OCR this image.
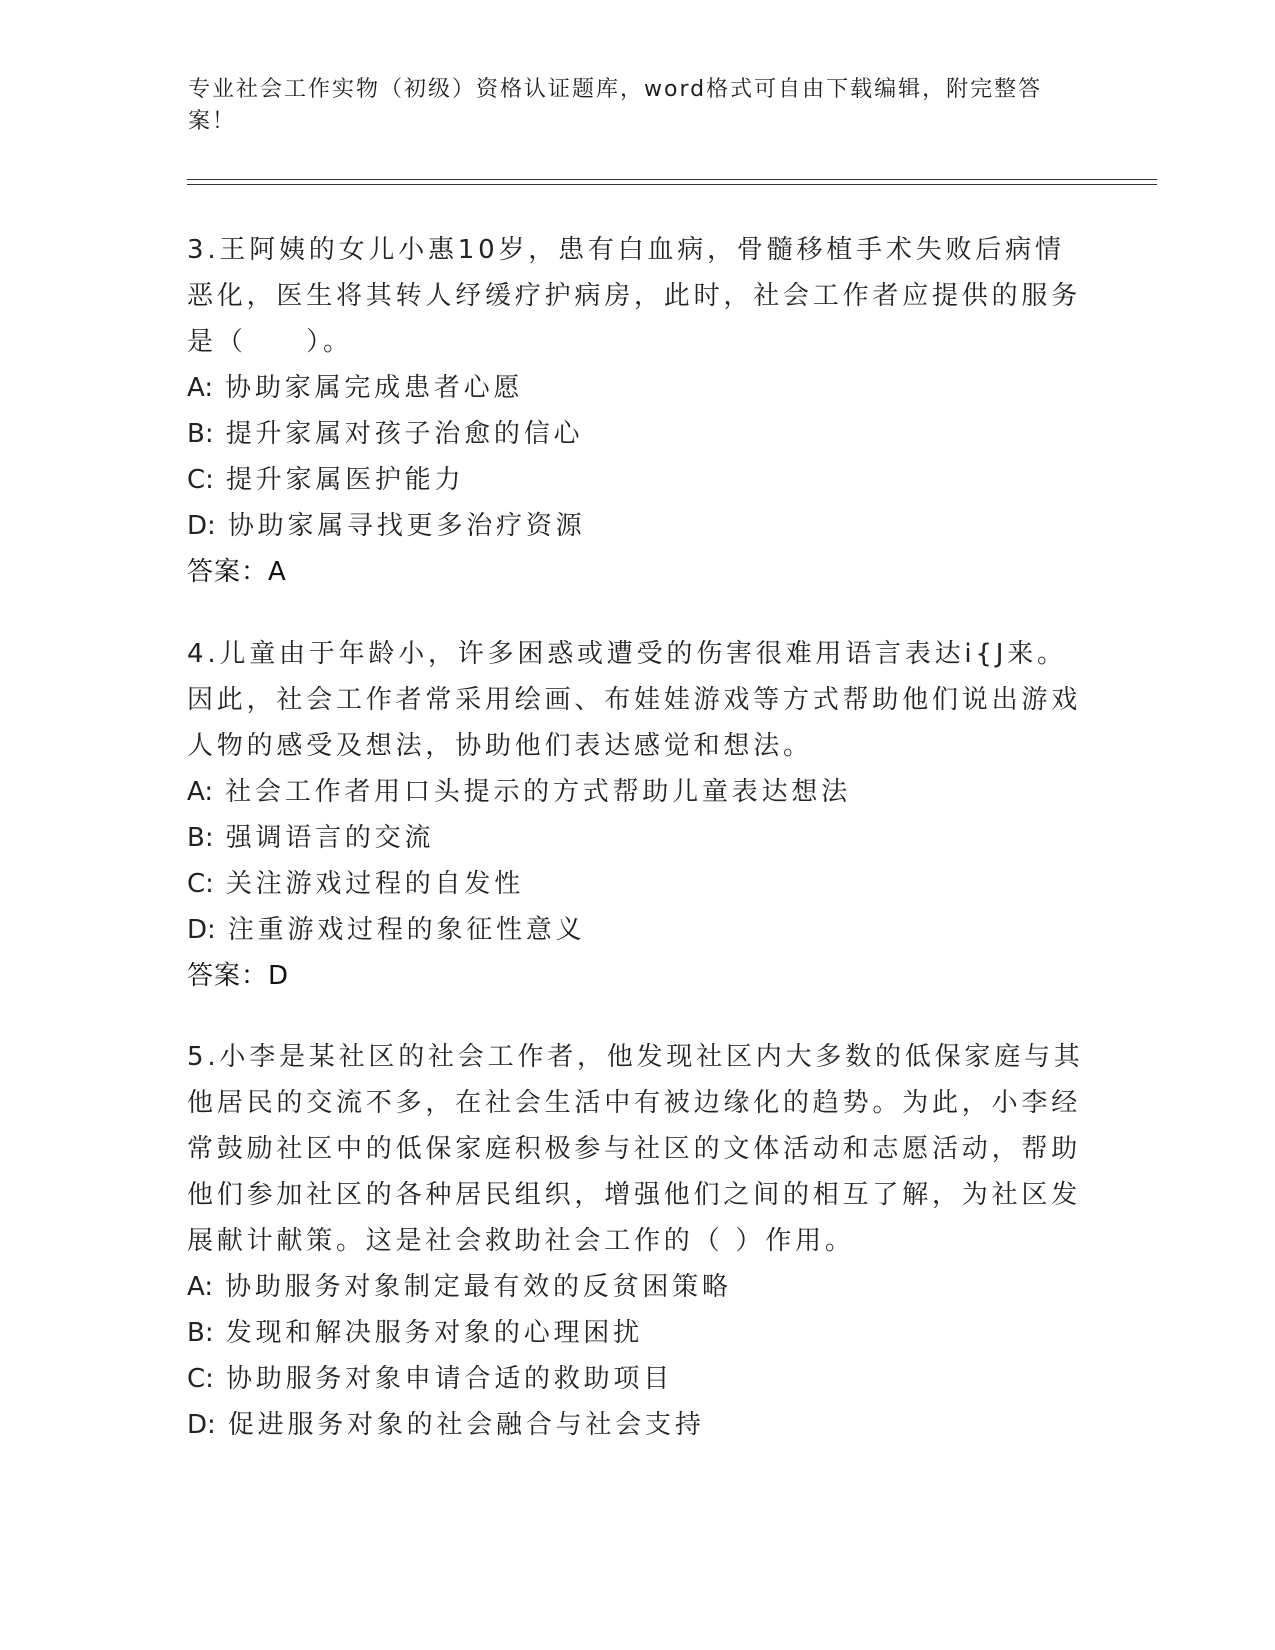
专业社会工作实物（初级）资格认证题库，word格式可自由下载编辑，附完整答案！

3.王阿姨的女儿小惠10岁，患有白血病，骨髓移植手术失败后病情恶化，医生将其转人纾缓疗护病房，此时，社会工作者应提供的服务是（　　）。

A: 协助家属完成患者心愿

B: 提升家属对孩子治愈的信心

C: 提升家属医护能力

D: 协助家属寻找更多治疗资源

答案：A

4.儿童由于年龄小，许多困惑或遭受的伤害很难用语言表达i{J来。因此，社会工作者常采用绘画、布娃娃游戏等方式帮助他们说出游戏人物的感受及想法，协助他们表达感觉和想法。

A: 社会工作者用口头提示的方式帮助儿童表达想法

B: 强调语言的交流

C: 关注游戏过程的自发性

D: 注重游戏过程的象征性意义

答案：D

5.小李是某社区的社会工作者，他发现社区内大多数的低保家庭与其他居民的交流不多，在社会生活中有被边缘化的趋势。为此，小李经常鼓励社区中的低保家庭积极参与社区的文体活动和志愿活动，帮助他们参加社区的各种居民组织，增强他们之间的相互了解，为社区发展献计献策。这是社会救助社会工作的（ ）作用。

A: 协助服务对象制定最有效的反贫困策略

B: 发现和解决服务对象的心理困扰

C: 协助服务对象申请合适的救助项目

D: 促进服务对象的社会融合与社会支持
